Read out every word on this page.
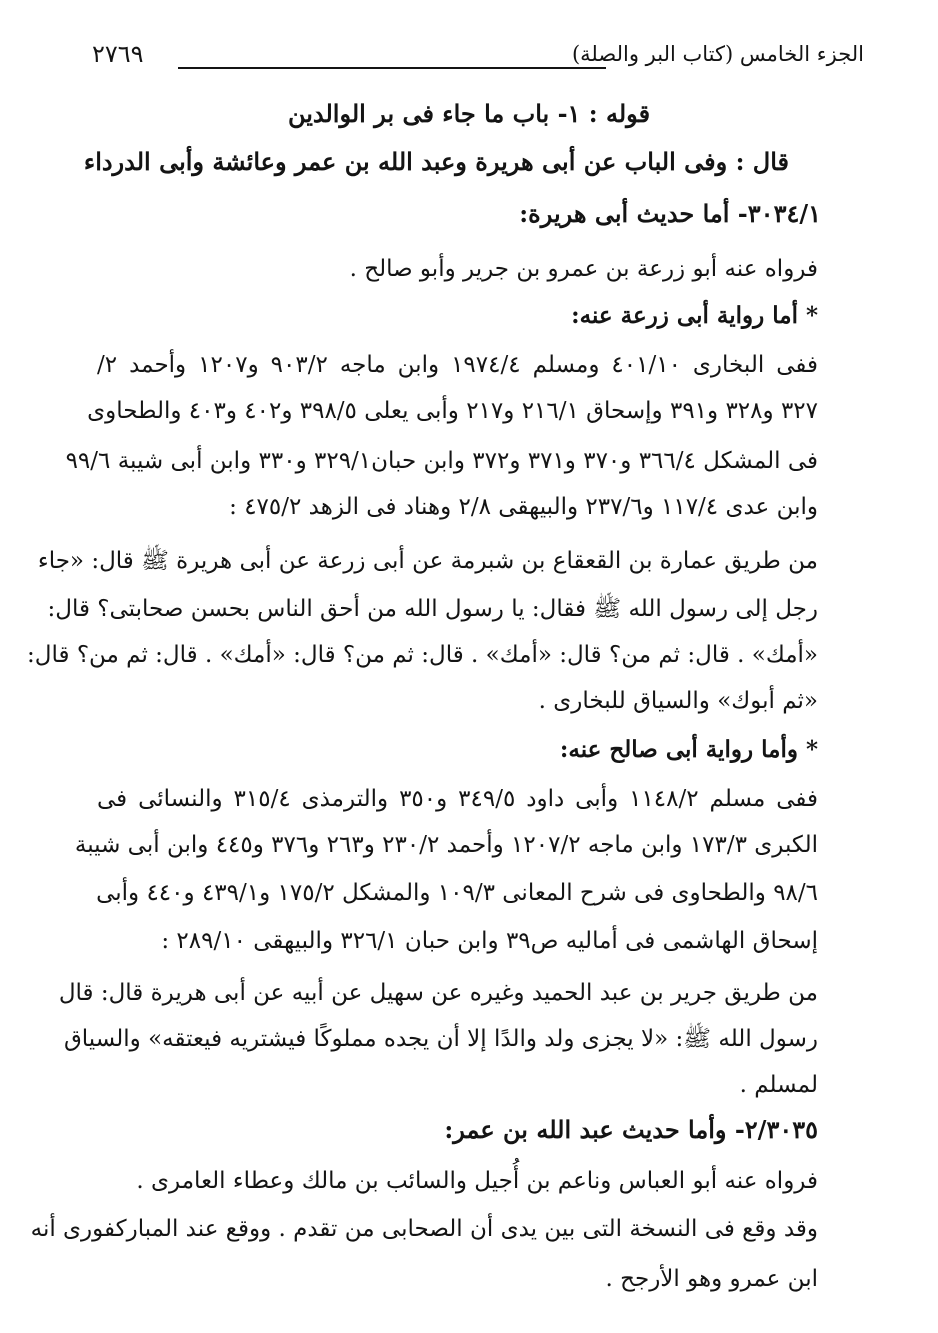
الجزء الخامس (كتاب البر والصلة)
٢٧٦٩
قوله : ١- باب ما جاء فى بر الوالدين
قال : وفى الباب عن أبى هريرة وعبد الله بن عمر وعائشة وأبى الدرداء
٣٠٣٤/١- أما حديث أبى هريرة:
فرواه عنه أبو زرعة بن عمرو بن جرير وأبو صالح .
* أما رواية أبى زرعة عنه:
ففى البخارى ٤٠١/١٠ ومسلم ١٩٧٤/٤ وابن ماجه ٩٠٣/٢ و١٢٠٧ وأحمد ٢/
٣٢٧ و٣٢٨ و٣٩١ وإسحاق ٢١٦/١ و٢١٧ وأبى يعلى ٣٩٨/٥ و٤٠٢ و٤٠٣ والطحاوى
فى المشكل ٣٦٦/٤ و٣٧٠ و٣٧١ و٣٧٢ وابن حبان٣٢٩/١ و٣٣٠ وابن أبى شيبة ٩٩/٦
وابن عدى ١١٧/٤ و٢٣٧/٦ والبيهقى ٢/٨ وهناد فى الزهد ٤٧٥/٢ :
من طريق عمارة بن القعقاع بن شبرمة عن أبى زرعة عن أبى هريرة ﷺ قال: «جاء
رجل إلى رسول الله ﷺ فقال: يا رسول الله من أحق الناس بحسن صحابتى؟ قال:
«أمك» . قال: ثم من؟ قال: «أمك» . قال: ثم من؟ قال: «أمك» . قال: ثم من؟ قال:
«ثم أبوك» والسياق للبخارى .
* وأما رواية أبى صالح عنه:
ففى مسلم ١١٤٨/٢ وأبى داود ٣٤٩/٥ و٣٥٠ والترمذى ٣١٥/٤ والنسائى فى
الكبرى ١٧٣/٣ وابن ماجه ١٢٠٧/٢ وأحمد ٢٣٠/٢ و٢٦٣ و٣٧٦ و٤٤٥ وابن أبى شيبة
٩٨/٦ والطحاوى فى شرح المعانى ١٠٩/٣ والمشكل ١٧٥/٢ و٤٣٩/١ و٤٤٠ وأبى
إسحاق الهاشمى فى أماليه ص٣٩ وابن حبان ٣٢٦/١ والبيهقى ٢٨٩/١٠ :
من طريق جرير بن عبد الحميد وغيره عن سهيل عن أبيه عن أبى هريرة قال: قال
رسول الله ﷺ: «لا يجزى ولد والدًا إلا أن يجده مملوكًا فيشتريه فيعتقه» والسياق
لمسلم .
٢/٣٠٣٥- وأما حديث عبد الله بن عمر:
فرواه عنه أبو العباس وناعم بن أُجيل والسائب بن مالك وعطاء العامرى .
وقد وقع فى النسخة التى بين يدى أن الصحابى من تقدم . ووقع عند المباركفورى أنه
ابن عمرو وهو الأرجح .
